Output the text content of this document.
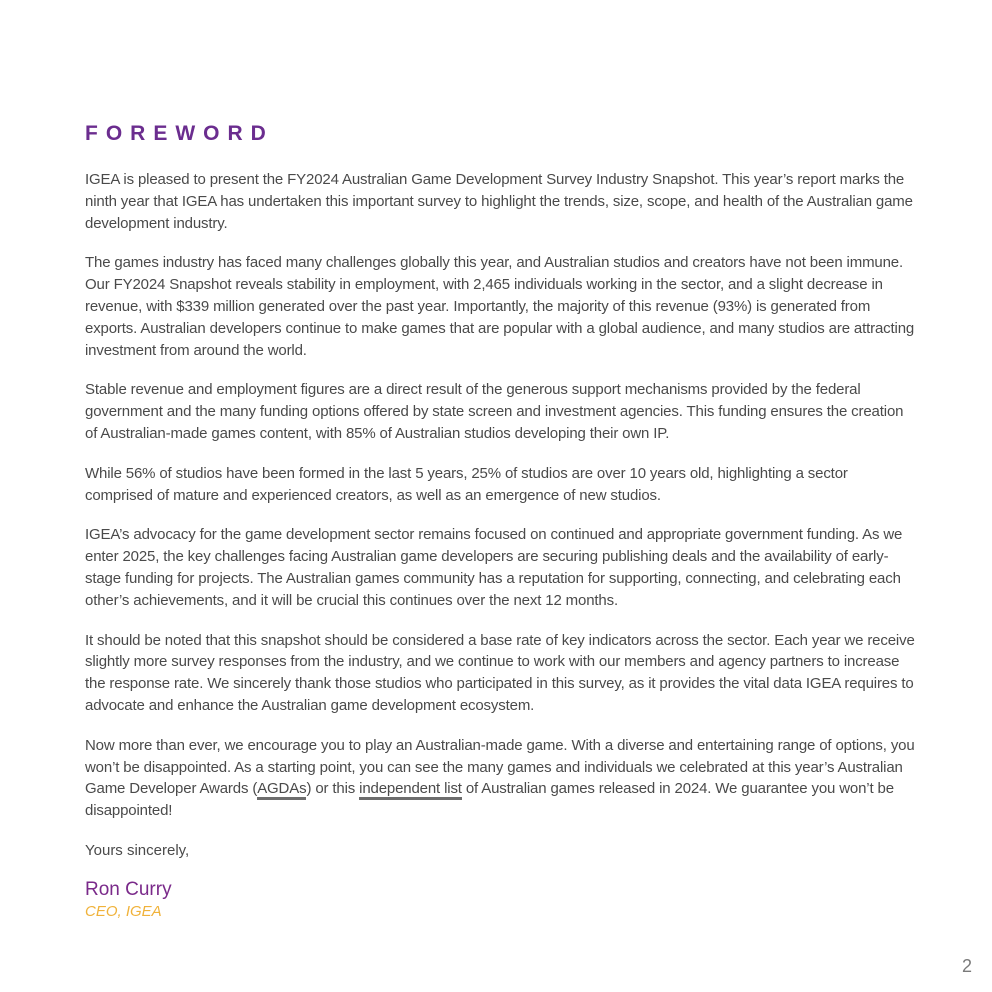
FOREWORD

IGEA is pleased to present the FY2024 Australian Game Development Survey Industry Snapshot. This year’s report marks the ninth year that IGEA has undertaken this important survey to highlight the trends, size, scope, and health of the Australian game development industry.

The games industry has faced many challenges globally this year, and Australian studios and creators have not been immune. Our FY2024 Snapshot reveals stability in employment, with 2,465 individuals working in the sector, and a slight decrease in revenue, with $339 million generated over the past year. Importantly, the majority of this revenue (93%) is generated from exports. Australian developers continue to make games that are popular with a global audience, and many studios are attracting investment from around the world.

Stable revenue and employment figures are a direct result of the generous support mechanisms provided by the federal government and the many funding options offered by state screen and investment agencies. This funding ensures the creation of Australian-made games content, with 85% of Australian studios developing their own IP.

While 56% of studios have been formed in the last 5 years, 25% of studios are over 10 years old, highlighting a sector comprised of mature and experienced creators, as well as an emergence of new studios.

IGEA’s advocacy for the game development sector remains focused on continued and appropriate government funding. As we enter 2025, the key challenges facing Australian game developers are securing publishing deals and the availability of early-stage funding for projects. The Australian games community has a reputation for supporting, connecting, and celebrating each other’s achievements, and it will be crucial this continues over the next 12 months.

It should be noted that this snapshot should be considered a base rate of key indicators across the sector. Each year we receive slightly more survey responses from the industry, and we continue to work with our members and agency partners to increase the response rate. We sincerely thank those studios who participated in this survey, as it provides the vital data IGEA requires to advocate and enhance the Australian game development ecosystem.

Now more than ever, we encourage you to play an Australian-made game. With a diverse and entertaining range of options, you won’t be disappointed. As a starting point, you can see the many games and individuals we celebrated at this year’s Australian Game Developer Awards (AGDAs) or this independent list of Australian games released in 2024. We guarantee you won’t be disappointed!

Yours sincerely,

Ron Curry

CEO, IGEA

2
